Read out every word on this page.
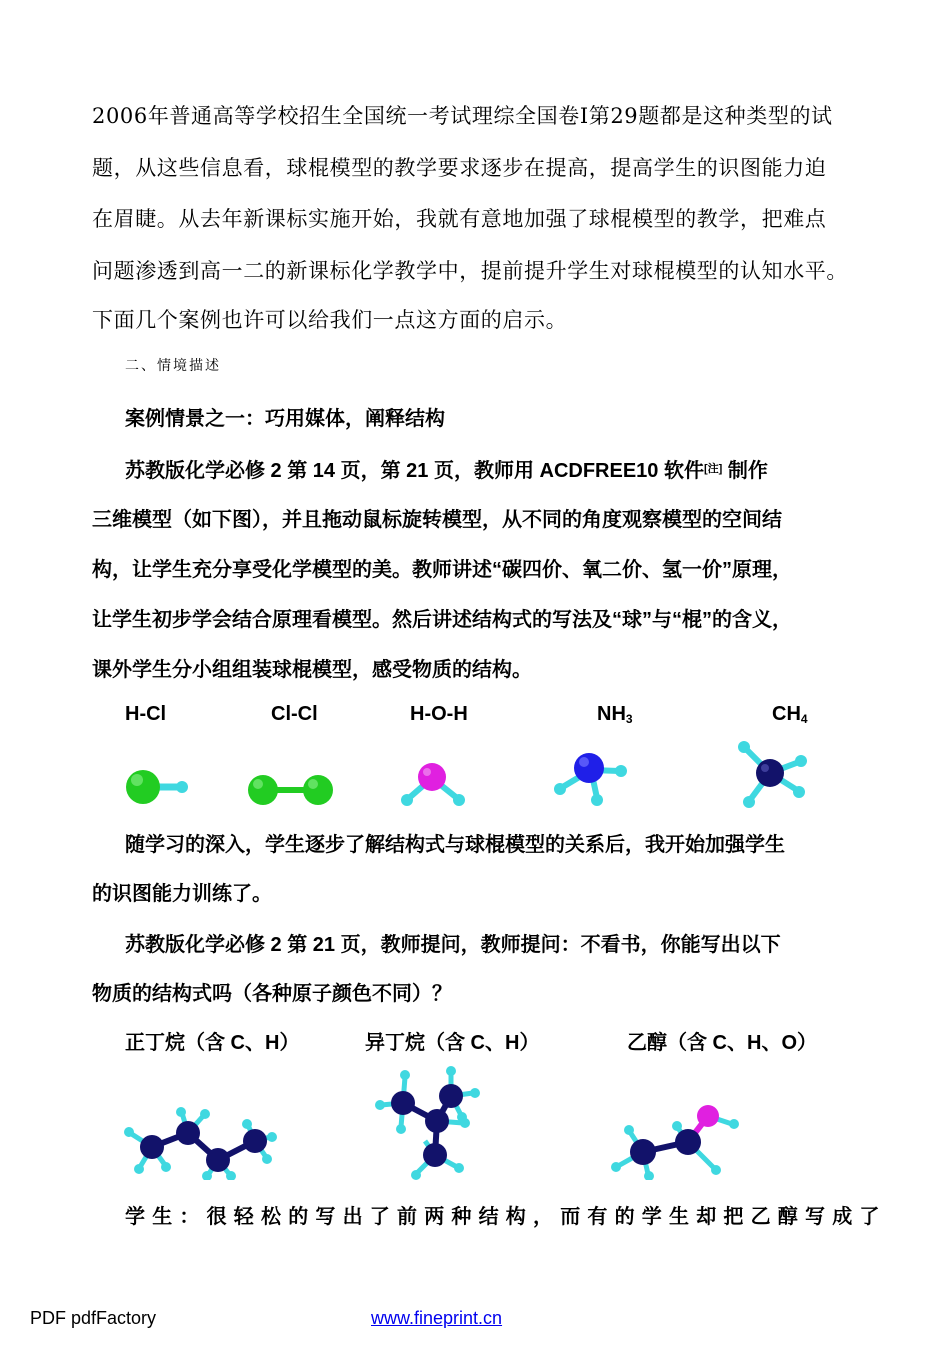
2006年普通高等学校招生全国统一考试理综全国卷Ⅰ第29题都是这种类型的试
题，从这些信息看，球棍模型的教学要求逐步在提高，提高学生的识图能力迫
在眉睫。从去年新课标实施开始，我就有意地加强了球棍模型的教学，把难点
问题渗透到高一二的新课标化学教学中，提前提升学生对球棍模型的认知水平。
下面几个案例也许可以给我们一点这方面的启示。
二、情境描述
案例情景之一：巧用媒体，阐释结构
苏教版化学必修 2 第 14 页，第 21 页，教师用 ACDFREE10 软件[注] 制作
三维模型（如下图），并且拖动鼠标旋转模型，从不同的角度观察模型的空间结
构，让学生充分享受化学模型的美。教师讲述“碳四价、氧二价、氢一价”原理，
让学生初步学会结合原理看模型。然后讲述结构式的写法及“球”与“棍”的含义，
课外学生分小组组装球棍模型，感受物质的结构。
H-Cl	Cl-Cl	H-O-H	$NH_3$	$CH_4$
随学习的深入，学生逐步了解结构式与球棍模型的关系后，我开始加强学生
的识图能力训练了。
苏教版化学必修 2 第 21 页，教师提问，教师提问：不看书，你能写出以下
物质的结构式吗（各种原子颜色不同）？
正丁烷（含 C、H）	异丁烷（含 C、H）	乙醇（含 C、H、O）
学生：很轻松的写出了前两种结构，而有的学生却把乙醇写成了
PDF pdfFactory	www.fineprint.cn
